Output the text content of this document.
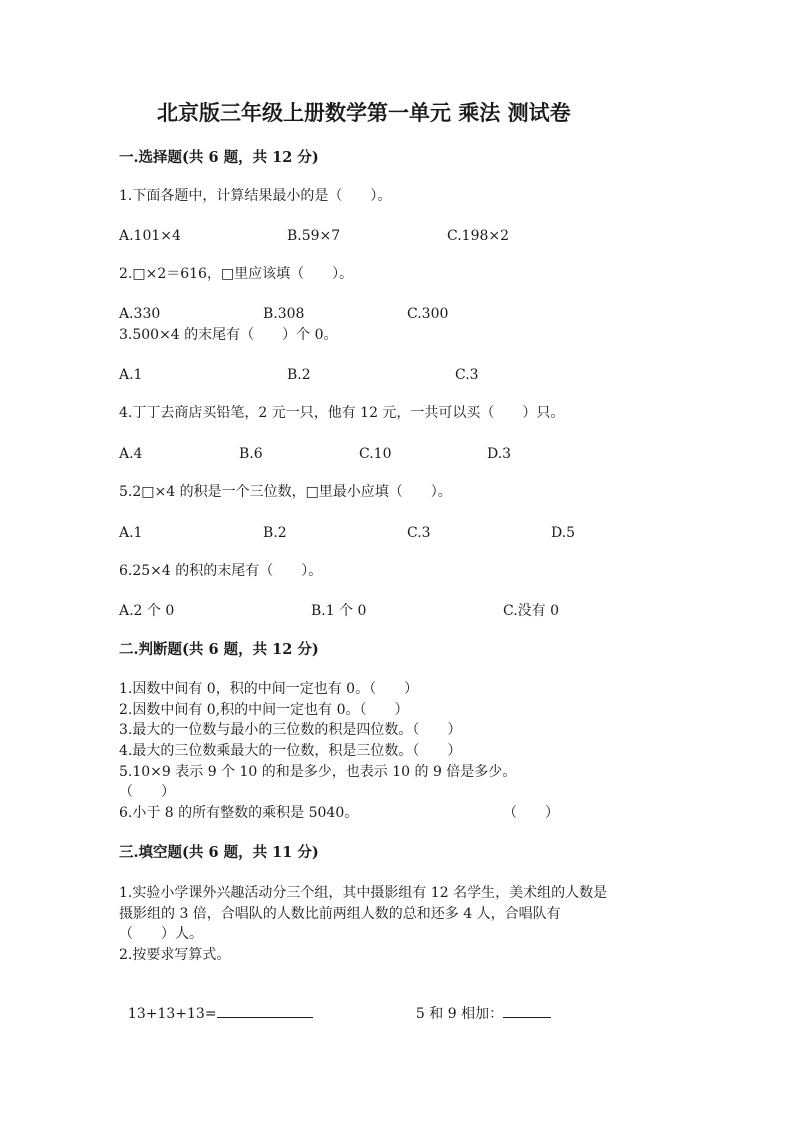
北京版三年级上册数学第一单元 乘法 测试卷
一.选择题(共 6 题，共 12 分)
1.下面各题中，计算结果最小的是（　　）。
A.101×4	B.59×7	C.198×2
2.□×2＝616，□里应该填（　　）。
A.330	B.308	C.300
3.500×4 的末尾有（　　）个 0。
A.1	B.2	C.3
4.丁丁去商店买铅笔，2 元一只，他有 12 元，一共可以买（　　）只。
A.4	B.6	C.10	D.3
5.2□×4 的积是一个三位数，□里最小应填（　　）。
A.1	B.2	C.3	D.5
6.25×4 的积的末尾有（　　）。
A.2 个 0	B.1 个 0	C.没有 0
二.判断题(共 6 题，共 12 分)
1.因数中间有 0，积的中间一定也有 0。（　　）
2.因数中间有 0,积的中间一定也有 0。（　　）
3.最大的一位数与最小的三位数的积是四位数。（　　）
4.最大的三位数乘最大的一位数，积是三位数。（　　）
5.10×9 表示 9 个 10 的和是多少，也表示 10 的 9 倍是多少。
（　　）
6.小于 8 的所有整数的乘积是 5040。	（　　）
三.填空题(共 6 题，共 11 分)
1.实验小学课外兴趣活动分三个组，其中摄影组有 12 名学生，美术组的人数是
摄影组的 3 倍，合唱队的人数比前两组人数的总和还多 4 人，合唱队有
（　　）人。
2.按要求写算式。

13+13+13=	5 和 9 相加：
